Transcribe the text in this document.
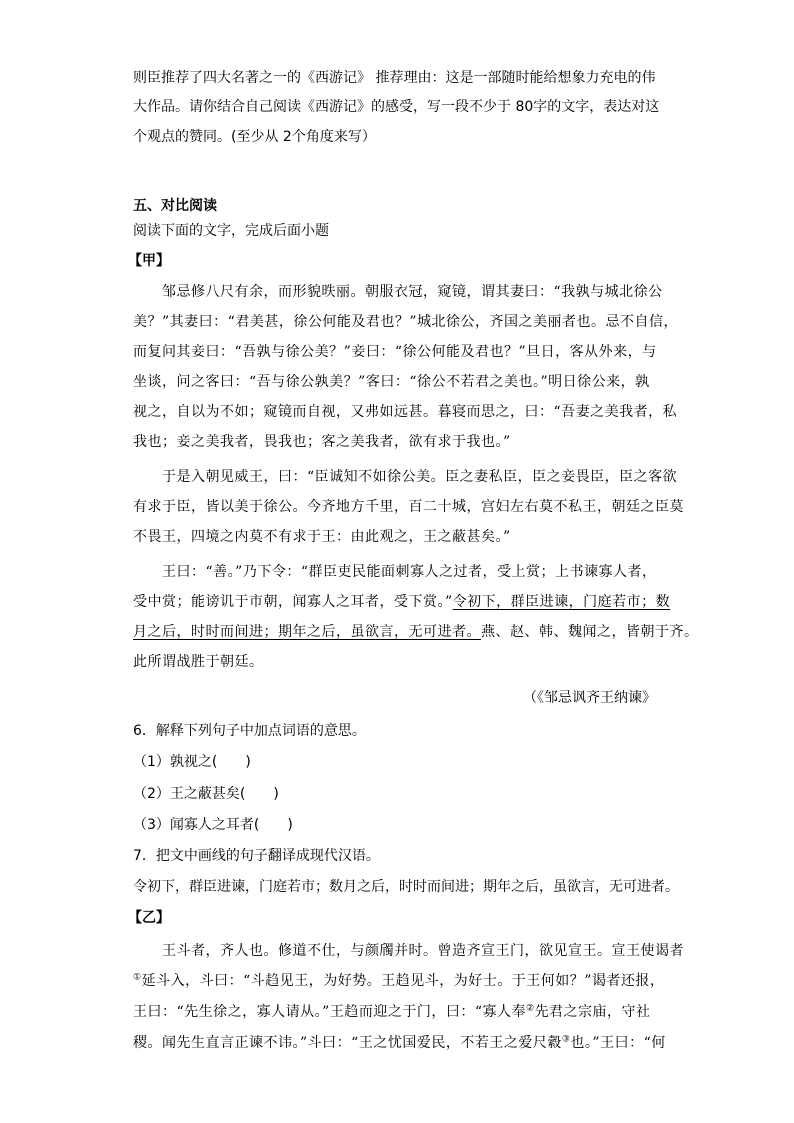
则臣推荐了四大名著之一的《西游记》 推荐理由：这是一部随时能给想象力充电的伟
大作品。请你结合自己阅读《西游记》的感受，写一段不少于 80字的文字，表达对这
个观点的赞同。(至少从 2个角度来写）
五、对比阅读
阅读下面的文字，完成后面小题
【甲】
邹忌修八尺有余，而形貌昳丽。朝服衣冠，窥镜，谓其妻曰：“我孰与城北徐公
美？”其妻曰：“君美甚，徐公何能及君也？”城北徐公，齐国之美丽者也。忌不自信，
而复问其妾曰：“吾孰与徐公美？”妾曰：“徐公何能及君也？”旦日，客从外来，与
坐谈，问之客曰：“吾与徐公孰美？”客曰：“徐公不若君之美也。”明日徐公来，孰
视之，自以为不如；窥镜而自视，又弗如远甚。暮寝而思之，曰：“吾妻之美我者，私
我也；妾之美我者，畏我也；客之美我者，欲有求于我也。”
于是入朝见威王，曰：“臣诚知不如徐公美。臣之妻私臣，臣之妾畏臣，臣之客欲
有求于臣，皆以美于徐公。今齐地方千里，百二十城，宫妇左右莫不私王，朝廷之臣莫
不畏王，四境之内莫不有求于王：由此观之，王之蔽甚矣。”
王曰：“善。”乃下令：“群臣吏民能面刺寡人之过者，受上赏；上书谏寡人者，
受中赏；能谤讥于市朝，闻寡人之耳者，受下赏。”令初下，群臣进谏，门庭若市；数
月之后，时时而间进；期年之后，虽欲言，无可进者。燕、赵、韩、魏闻之，皆朝于齐。
此所谓战胜于朝廷。
（《邹忌讽齐王纳谏》
6．解释下列句子中加点词语的意思。
（1）孰视之(　　)
（2）王之蔽甚矣(　　)
（3）闻寡人之耳者(　　)
7．把文中画线的句子翻译成现代汉语。
令初下，群臣进谏，门庭若市；数月之后，时时而间进；期年之后，虽欲言，无可进者。
【乙】
王斗者，齐人也。修道不仕，与颜斶并时。曾造齐宣王门，欲见宣王。宣王使谒者
①延斗入，斗曰：“斗趋见王，为好势。王趋见斗，为好士。于王何如？”谒者还报，
王曰：“先生徐之，寡人请从。”王趋而迎之于门，曰：“寡人奉②先君之宗庙，守社
稷。闻先生直言正谏不讳。”斗曰：“王之忧国爱民，不若王之爱尺縠③也。”王曰：“何
